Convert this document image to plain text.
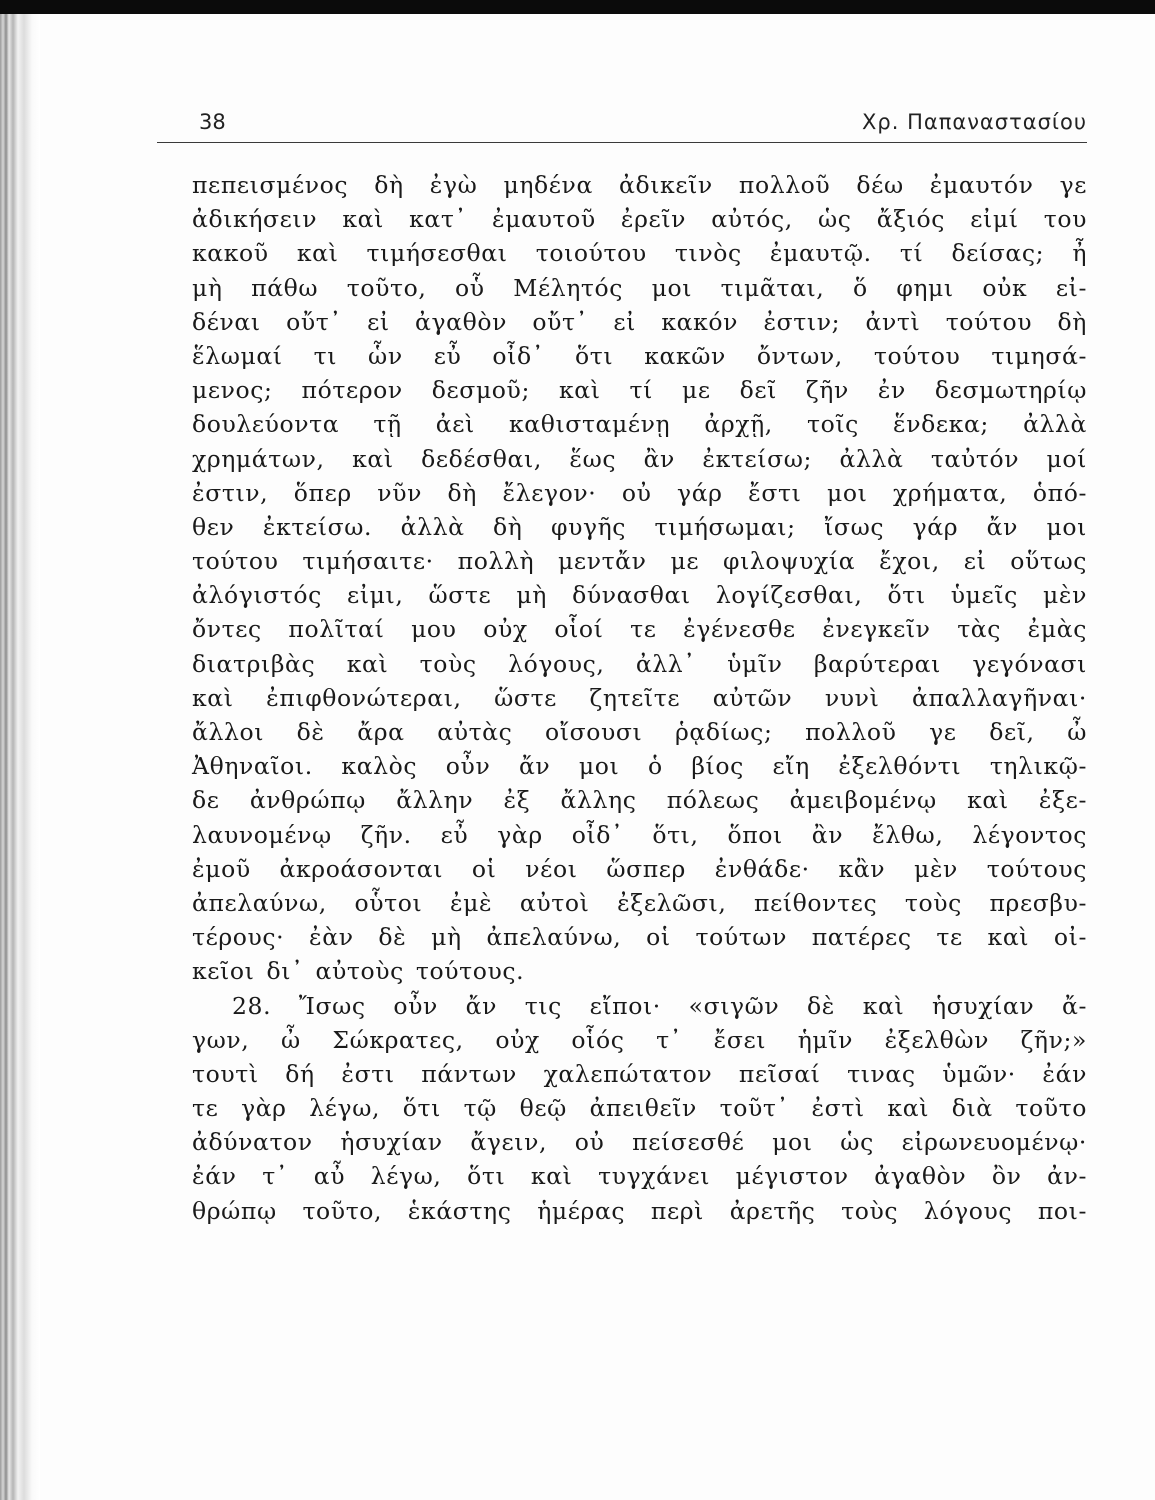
38	Χρ. Παπαναστασίου
πεπεισμένος δὴ ἐγὼ μηδένα ἀδικεῖν πολλοῦ δέω ἐμαυτόν γε
ἀδικήσειν καὶ κατ᾽ ἐμαυτοῦ ἐρεῖν αὐτός, ὡς ἄξιός εἰμί του
κακοῦ καὶ τιμήσεσθαι τοιούτου τινὸς ἐμαυτῷ. τί δείσας; ἦ
μὴ πάθω τοῦτο, οὗ Μέλητός μοι τιμᾶται, ὅ φημι οὐκ εἰ-
δέναι οὔτ᾽ εἰ ἀγαθὸν οὔτ᾽ εἰ κακόν ἐστιν; ἀντὶ τούτου δὴ
ἕλωμαί τι ὧν εὖ οἶδ᾽ ὅτι κακῶν ὄντων, τούτου τιμησά-
μενος; πότερον δεσμοῦ; καὶ τί με δεῖ ζῆν ἐν δεσμωτηρίῳ
δουλεύοντα τῇ ἀεὶ καθισταμένῃ ἀρχῇ, τοῖς ἕνδεκα; ἀλλὰ
χρημάτων, καὶ δεδέσθαι, ἕως ἂν ἐκτείσω; ἀλλὰ ταὐτόν μοί
ἐστιν, ὅπερ νῦν δὴ ἔλεγον· οὐ γάρ ἔστι μοι χρήματα, ὁπό-
θεν ἐκτείσω. ἀλλὰ δὴ φυγῆς τιμήσωμαι; ἴσως γάρ ἄν μοι
τούτου τιμήσαιτε· πολλὴ μεντἄν με φιλοψυχία ἔχοι, εἰ οὕτως
ἀλόγιστός εἰμι, ὥστε μὴ δύνασθαι λογίζεσθαι, ὅτι ὑμεῖς μὲν
ὄντες πολῖταί μου οὐχ οἷοί τε ἐγένεσθε ἐνεγκεῖν τὰς ἐμὰς
διατριβὰς καὶ τοὺς λόγους, ἀλλ᾽ ὑμῖν βαρύτεραι γεγόνασι
καὶ ἐπιφθονώτεραι, ὥστε ζητεῖτε αὐτῶν νυνὶ ἀπαλλαγῆναι·
ἄλλοι δὲ ἄρα αὐτὰς οἴσουσι ῥᾳδίως; πολλοῦ γε δεῖ, ὦ
Ἀθηναῖοι. καλὸς οὖν ἄν μοι ὁ βίος εἴη ἐξελθόντι τηλικῷ-
δε ἀνθρώπῳ ἄλλην ἐξ ἄλλης πόλεως ἀμειβομένῳ καὶ ἐξε-
λαυνομένῳ ζῆν. εὖ γὰρ οἶδ᾽ ὅτι, ὅποι ἂν ἔλθω, λέγοντος
ἐμοῦ ἀκροάσονται οἱ νέοι ὥσπερ ἐνθάδε· κἂν μὲν τούτους
ἀπελαύνω, οὗτοι ἐμὲ αὐτοὶ ἐξελῶσι, πείθοντες τοὺς πρεσβυ-
τέρους· ἐὰν δὲ μὴ ἀπελαύνω, οἱ τούτων πατέρες τε καὶ οἰ-
κεῖοι δι᾽ αὐτοὺς τούτους.
28. Ἴσως οὖν ἄν τις εἴποι· «σιγῶν δὲ καὶ ἡσυχίαν ἄ-
γων, ὦ Σώκρατες, οὐχ οἷός τ᾽ ἔσει ἡμῖν ἐξελθὼν ζῆν;»
τουτὶ δή ἐστι πάντων χαλεπώτατον πεῖσαί τινας ὑμῶν· ἐάν
τε γὰρ λέγω, ὅτι τῷ θεῷ ἀπειθεῖν τοῦτ᾽ ἐστὶ καὶ διὰ τοῦτο
ἀδύνατον ἡσυχίαν ἄγειν, οὐ πείσεσθέ μοι ὡς εἰρωνευομένῳ·
ἐάν τ᾽ αὖ λέγω, ὅτι καὶ τυγχάνει μέγιστον ἀγαθὸν ὂν ἀν-
θρώπῳ τοῦτο, ἑκάστης ἡμέρας περὶ ἀρετῆς τοὺς λόγους ποι-
